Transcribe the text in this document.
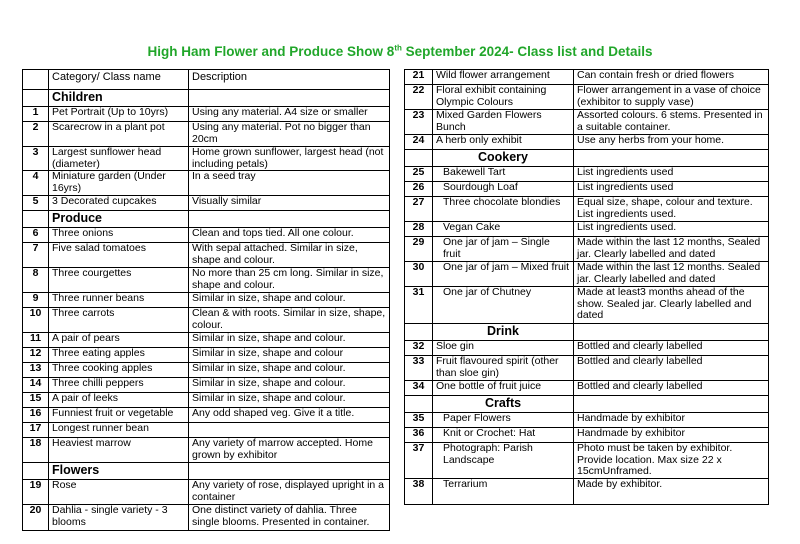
High Ham Flower and Produce Show 8th September 2024- Class list and Details
	Category/ Class name	Description
	Children	
1	Pet Portrait (Up to 10yrs)	Using any material. A4 size or smaller
2	Scarecrow in a plant pot	Using any material. Pot no bigger than 20cm
3	Largest sunflower head (diameter)	Home grown sunflower, largest head (not including petals)
4	Miniature garden (Under 16yrs)	In a seed tray
5	3 Decorated cupcakes	Visually similar
	Produce	
6	Three onions	Clean and tops tied. All one colour.
7	Five salad tomatoes	With sepal attached. Similar in size, shape and colour.
8	Three courgettes	No more than 25 cm long. Similar in size, shape and colour.
9	Three runner beans	Similar in size, shape and colour.
10	Three carrots	Clean & with roots. Similar in size, shape, colour.
11	A pair of pears	Similar in size, shape and colour.
12	Three eating apples	Similar in size, shape and colour
13	Three cooking apples	Similar in size, shape and colour.
14	Three chilli peppers	Similar in size, shape and colour.
15	A pair of leeks	Similar in size, shape and colour.
16	Funniest fruit or vegetable	Any odd shaped veg. Give it a title.
17	Longest runner bean	
18	Heaviest marrow	Any variety of marrow accepted. Home grown by exhibitor
	Flowers	
19	Rose	Any variety of rose, displayed upright in a container
20	Dahlia - single variety - 3 blooms	One distinct variety of dahlia. Three single blooms. Presented in container.
21	Wild flower arrangement	Can contain fresh or dried flowers
22	Floral exhibit containing Olympic Colours	Flower arrangement in a vase of choice (exhibitor to supply vase)
23	Mixed Garden Flowers Bunch	Assorted colours. 6 stems. Presented in a suitable container.
24	A herb only exhibit	Use any herbs from your home.
	Cookery	
25	Bakewell Tart	List ingredients used
26	Sourdough Loaf	List ingredients used
27	Three chocolate blondies	Equal size, shape, colour and texture. List ingredients used.
28	Vegan Cake	List ingredients used.
29	One jar of jam – Single fruit	Made within the last 12 months, Sealed jar. Clearly labelled and dated
30	One jar of jam – Mixed fruit	Made within the last 12 months. Sealed jar. Clearly labelled and dated
31	One jar of Chutney	Made at least3 months ahead of the show. Sealed jar. Clearly labelled and dated
	Drink	
32	Sloe gin	Bottled and clearly labelled
33	Fruit flavoured spirit (other than sloe gin)	Bottled and clearly labelled
34	One bottle of fruit juice	Bottled and clearly labelled
	Crafts	
35	Paper Flowers	Handmade by exhibitor
36	Knit or Crochet: Hat	Handmade by exhibitor
37	Photograph: Parish Landscape	Photo must be taken by exhibitor. Provide location. Max size 22 x 15cmUnframed.
38	Terrarium	Made by exhibitor.
